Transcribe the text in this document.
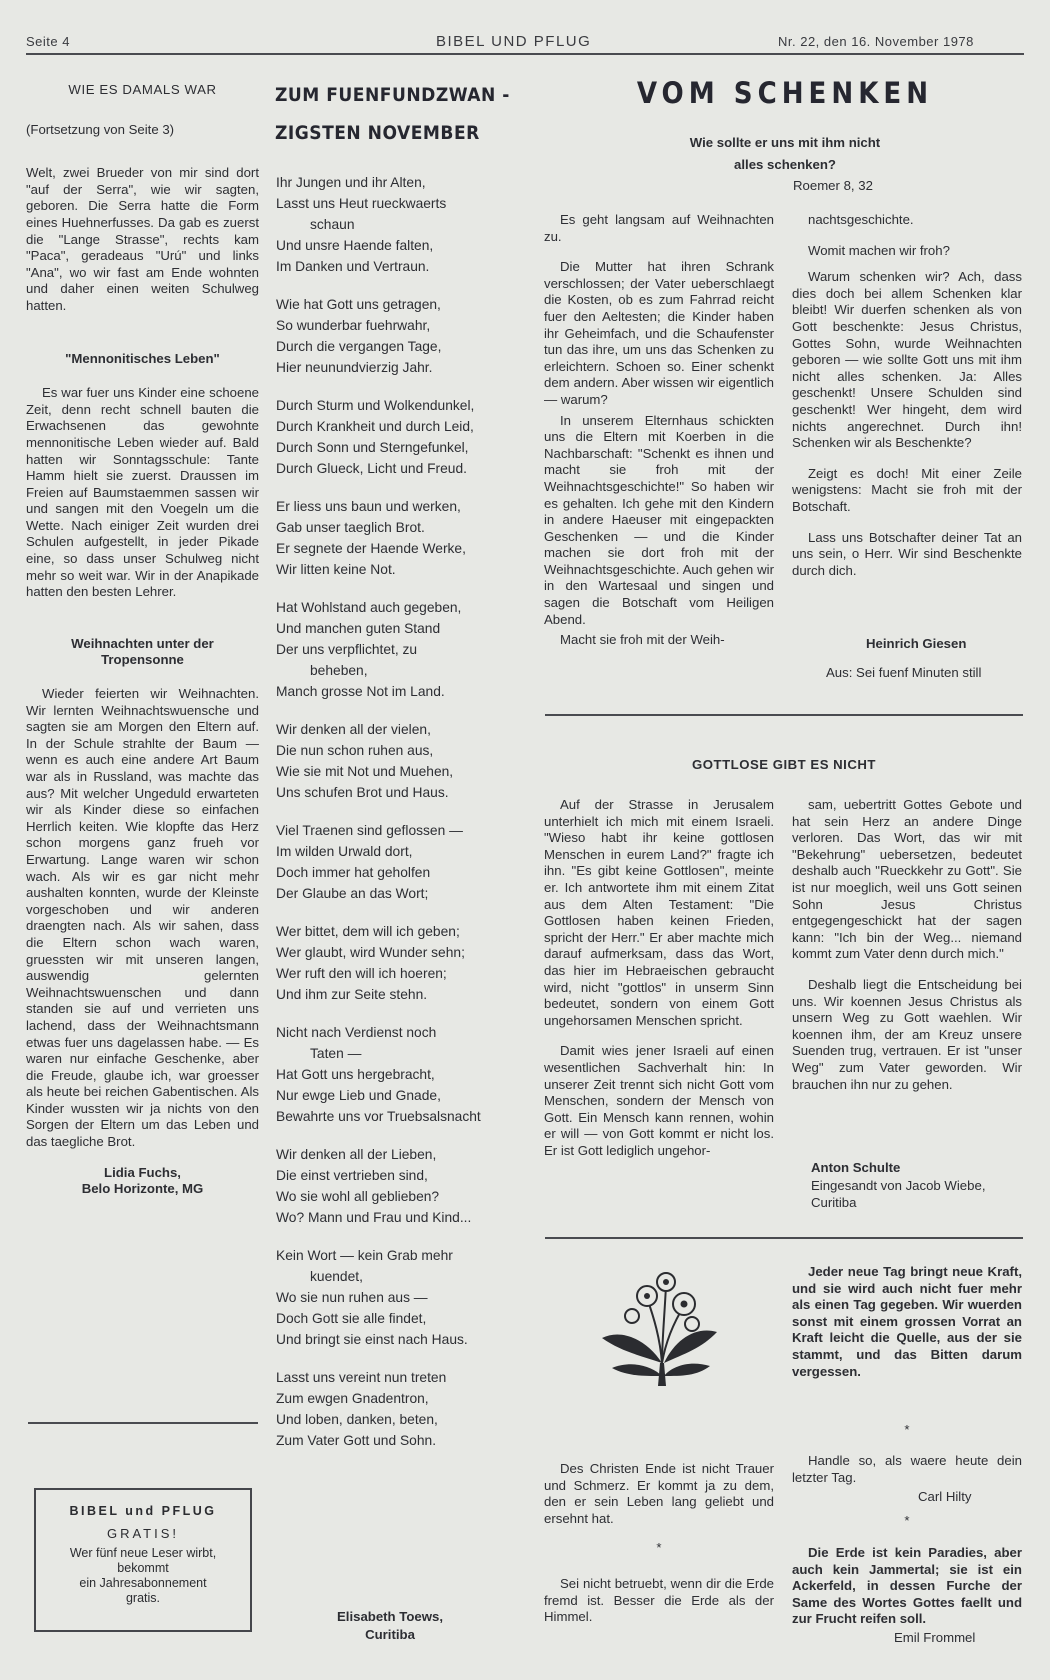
Seite 4	BIBEL UND PFLUG	Nr. 22, den 16. November 1978
WIE ES DAMALS WAR
(Fortsetzung von Seite 3)

Welt, zwei Brueder von mir sind dort "auf der Serra", wie wir sagten, geboren. Die Serra hatte die Form eines Huehnerfusses. Da gab es zuerst die "Lange Strasse", rechts kam "Paca", geradeaus "Urú" und links "Ana", wo wir fast am Ende wohnten und daher einen weiten Schulweg hatten.

"Mennonitisches Leben"

Es war fuer uns Kinder eine schoene Zeit, denn recht schnell bauten die Erwachsenen das gewohnte mennonitische Leben wieder auf. Bald hatten wir Sonntagsschule: Tante Hamm hielt sie zuerst. Draussen im Freien auf Baumstaemmen sassen wir und sangen mit den Voegeln um die Wette. Nach einiger Zeit wurden drei Schulen aufgestellt, in jeder Pikade eine, so dass unser Schulweg nicht mehr so weit war. Wir in der Anapikade hatten den besten Lehrer.

Weihnachten unter der
Tropensonne

Wieder feierten wir Weihnachten. Wir lernten Weihnachtswuensche und sagten sie am Morgen den Eltern auf. In der Schule strahlte der Baum — wenn es auch eine andere Art Baum war als in Russland, was machte das aus? Mit welcher Ungeduld erwarteten wir als Kinder diese so einfachen Herrlich keiten. Wie klopfte das Herz schon morgens ganz frueh vor Erwartung. Lange waren wir schon wach. Als wir es gar nicht mehr aushalten konnten, wurde der Kleinste vorgeschoben und wir anderen draengten nach. Als wir sahen, dass die Eltern schon wach waren, gruessten wir mit unseren langen, auswendig gelernten Weihnachtswuenschen und dann standen sie auf und verrieten uns lachend, dass der Weihnachtsmann etwas fuer uns dagelassen habe. — Es waren nur einfache Geschenke, aber die Freude, glaube ich, war groesser als heute bei reichen Gabentischen. Als Kinder wussten wir ja nichts von den Sorgen der Eltern um das Leben und das taegliche Brot.

Lidia Fuchs,
Belo Horizonte, MG
BIBEL und PFLUG
GRATIS!
Wer fünf neue Leser wirbt,
bekommt
ein Jahresabonnement
gratis.
ZUM FUENFUNDZWAN -
ZIGSTEN NOVEMBER

Ihr Jungen und ihr Alten,

Lasst uns Heut rueckwaerts

schaun

Und unsre Haende falten,

Im Danken und Vertraun.

Wie hat Gott uns getragen,

So wunderbar fuehrwahr,

Durch die vergangen Tage,

Hier neunundvierzig Jahr.

Durch Sturm und Wolkendunkel,

Durch Krankheit und durch Leid,

Durch Sonn und Sterngefunkel,

Durch Glueck, Licht und Freud.

Er liess uns baun und werken,

Gab unser taeglich Brot.

Er segnete der Haende Werke,

Wir litten keine Not.

Hat Wohlstand auch gegeben,

Und manchen guten Stand

Der uns verpflichtet, zu

beheben,

Manch grosse Not im Land.

Wir denken all der vielen,

Die nun schon ruhen aus,

Wie sie mit Not und Muehen,

Uns schufen Brot und Haus.

Viel Traenen sind geflossen —

Im wilden Urwald dort,

Doch immer hat geholfen

Der Glaube an das Wort;

Wer bittet, dem will ich geben;

Wer glaubt, wird Wunder sehn;

Wer ruft den will ich hoeren;

Und ihm zur Seite stehn.

Nicht nach Verdienst noch

Taten —

Hat Gott uns hergebracht,

Nur ewge Lieb und Gnade,

Bewahrte uns vor Truebsalsnacht

Wir denken all der Lieben,

Die einst vertrieben sind,

Wo sie wohl all geblieben?

Wo? Mann und Frau und Kind...

Kein Wort — kein Grab mehr

kuendet,

Wo sie nun ruhen aus —

Doch Gott sie alle findet,

Und bringt sie einst nach Haus.

Lasst uns vereint nun treten

Zum ewgen Gnadentron,

Und loben, danken, beten,

Zum Vater Gott und Sohn.

Elisabeth Toews,
Curitiba
VOM SCHENKEN
Wie sollte er uns mit ihm nicht
alles schenken?
Roemer 8, 32

Es geht langsam auf Weihnachten zu.

Die Mutter hat ihren Schrank verschlossen; der Vater ueberschlaegt die Kosten, ob es zum Fahrrad reicht fuer den Aeltesten; die Kinder haben ihr Geheimfach, und die Schaufenster tun das ihre, um uns das Schenken zu erleichtern. Schoen so. Einer schenkt dem andern. Aber wissen wir eigentlich — warum?

In unserem Elternhaus schickten uns die Eltern mit Koerben in die Nachbarschaft: "Schenkt es ihnen und macht sie froh mit der Weihnachtsgeschichte!" So haben wir es gehalten. Ich gehe mit den Kindern in andere Haeuser mit eingepackten Geschenken — und die Kinder machen sie dort froh mit der Weihnachtsgeschichte. Auch gehen wir in den Wartesaal und singen und sagen die Botschaft vom Heiligen Abend.

Macht sie froh mit der Weih-

nachtsgeschichte.

Womit machen wir froh?

Warum schenken wir? Ach, dass dies doch bei allem Schenken klar bleibt! Wir duerfen schenken als von Gott beschenkte: Jesus Christus, Gottes Sohn, wurde Weihnachten geboren — wie sollte Gott uns mit ihm nicht alles schenken. Ja: Alles geschenkt! Unsere Schulden sind geschenkt! Wer hingeht, dem wird nichts angerechnet. Durch ihn! Schenken wir als Beschenkte?

Zeigt es doch! Mit einer Zeile wenigstens: Macht sie froh mit der Botschaft.

Lass uns Botschafter deiner Tat an uns sein, o Herr. Wir sind Beschenkte durch dich.

Heinrich Giesen
Aus: Sei fuenf Minuten still
GOTTLOSE GIBT ES NICHT

Auf der Strasse in Jerusalem unterhielt ich mich mit einem Israeli. "Wieso habt ihr keine gottlosen Menschen in eurem Land?" fragte ich ihn. "Es gibt keine Gottlosen", meinte er. Ich antwortete ihm mit einem Zitat aus dem Alten Testament: "Die Gottlosen haben keinen Frieden, spricht der Herr." Er aber machte mich darauf aufmerksam, dass das Wort, das hier im Hebraeischen gebraucht wird, nicht "gottlos" in unserm Sinn bedeutet, sondern von einem Gott ungehorsamen Menschen spricht.

Damit wies jener Israeli auf einen wesentlichen Sachverhalt hin: In unserer Zeit trennt sich nicht Gott vom Menschen, sondern der Mensch von Gott. Ein Mensch kann rennen, wohin er will — von Gott kommt er nicht los. Er ist Gott lediglich ungehor-

sam, uebertritt Gottes Gebote und hat sein Herz an andere Dinge verloren. Das Wort, das wir mit "Bekehrung" uebersetzen, bedeutet deshalb auch "Rueckkehr zu Gott". Sie ist nur moeglich, weil uns Gott seinen Sohn Jesus Christus entgegengeschickt hat der sagen kann: "Ich bin der Weg... niemand kommt zum Vater denn durch mich."

Deshalb liegt die Entscheidung bei uns. Wir koennen Jesus Christus als unsern Weg zu Gott waehlen. Wir koennen ihm, der am Kreuz unsere Suenden trug, vertrauen. Er ist "unser Weg" zum Vater geworden. Wir brauchen ihn nur zu gehen.

Anton Schulte
Eingesandt von Jacob Wiebe,
Curitiba
Des Christen Ende ist nicht Trauer und Schmerz. Er kommt ja zu dem, den er sein Leben lang geliebt und ersehnt hat.
*
Sei nicht betruebt, wenn dir die Erde fremd ist. Besser die Erde als der Himmel.
Jeder neue Tag bringt neue Kraft, und sie wird auch nicht fuer mehr als einen Tag gegeben. Wir wuerden sonst mit einem grossen Vorrat an Kraft leicht die Quelle, aus der sie stammt, und das Bitten darum vergessen.
*
Handle so, als waere heute dein letzter Tag.
Carl Hilty
*
Die Erde ist kein Paradies, aber auch kein Jammertal; sie ist ein Ackerfeld, in dessen Furche der Same des Wortes Gottes faellt und zur Frucht reifen soll.
Emil Frommel
